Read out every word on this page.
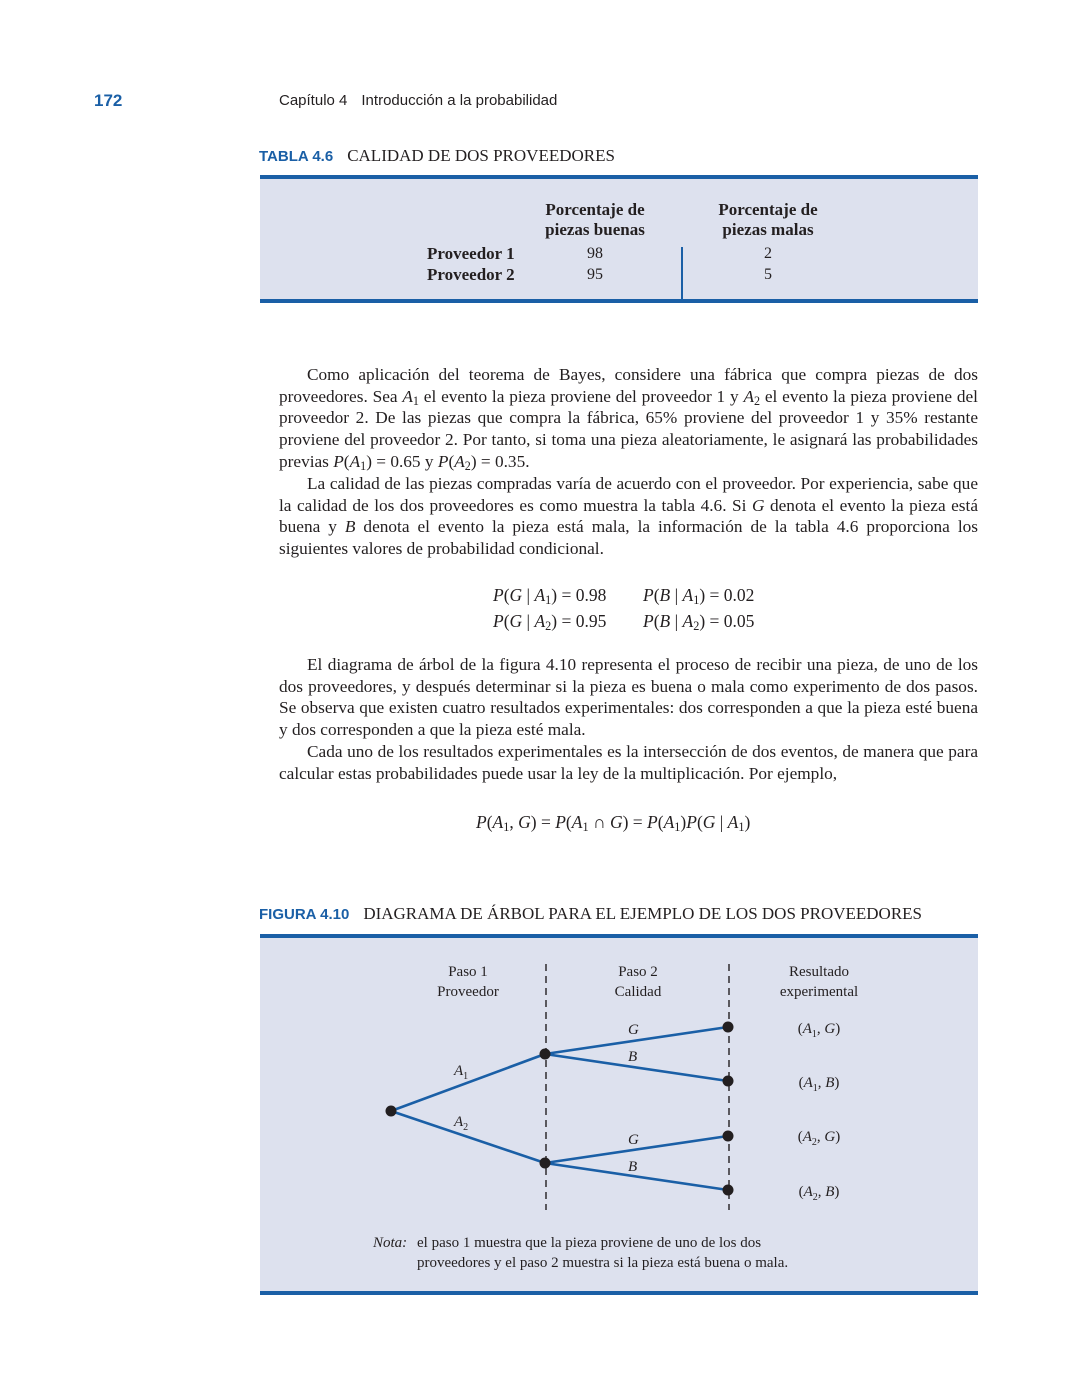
172	Capítulo 4 Introducción a la probabilidad
TABLA 4.6 CALIDAD DE DOS PROVEEDORES
Porcentaje de
piezas buenas
Porcentaje de
piezas malas
Proveedor 1	98	2
Proveedor 2	95	5
Como aplicación del teorema de Bayes, considere una fábrica que compra piezas de dos proveedores. Sea $A_1$ el evento la pieza proviene del proveedor 1 y $A_2$ el evento la pieza proviene del proveedor 2. De las piezas que compra la fábrica, 65% proviene del proveedor 1 y 35% restante proviene del proveedor 2. Por tanto, si toma una pieza aleatoriamente, le asignará las probabilidades previas $P(A_1) = 0.65$ y $P(A_2) = 0.35$.
La calidad de las piezas compradas varía de acuerdo con el proveedor. Por experiencia, sabe que la calidad de los dos proveedores es como muestra la tabla 4.6. Si G denota el evento la pieza está buena y B denota el evento la pieza está mala, la información de la tabla 4.6 proporciona los siguientes valores de probabilidad condicional.
P(G | $A_1) = 0.98$ P(B | $A_1) = 0.02$
P(G | $A_2) = 0.95$ P(B | $A_2) = 0.05$
El diagrama de árbol de la figura 4.10 representa el proceso de recibir una pieza, de uno de los dos proveedores, y después determinar si la pieza es buena o mala como experimento de dos pasos. Se observa que existen cuatro resultados experimentales: dos corresponden a que la pieza esté buena y dos corresponden a que la pieza esté mala.
Cada uno de los resultados experimentales es la intersección de dos eventos, de manera que para calcular estas probabilidades puede usar la ley de la multiplicación. Por ejemplo,
$P(A_1$, $G) = P(A_1$ ∩ $G) = P(A_1)P(G$ | $A_1$)
FIGURA 4.10 DIAGRAMA DE ÁRBOL PARA EL EJEMPLO DE LOS DOS PROVEEDORES
Paso 1
Proveedor
Paso 2
Calidad
Resultado
experimental
$A_1$
$A_2$
G
B
G
B
($A_1$, G)
($A_1$, B)
($A_2$, G)
($A_2$, B)
Nota: el paso 1 muestra que la pieza proviene de uno de los dos
proveedores y el paso 2 muestra si la pieza está buena o mala.
